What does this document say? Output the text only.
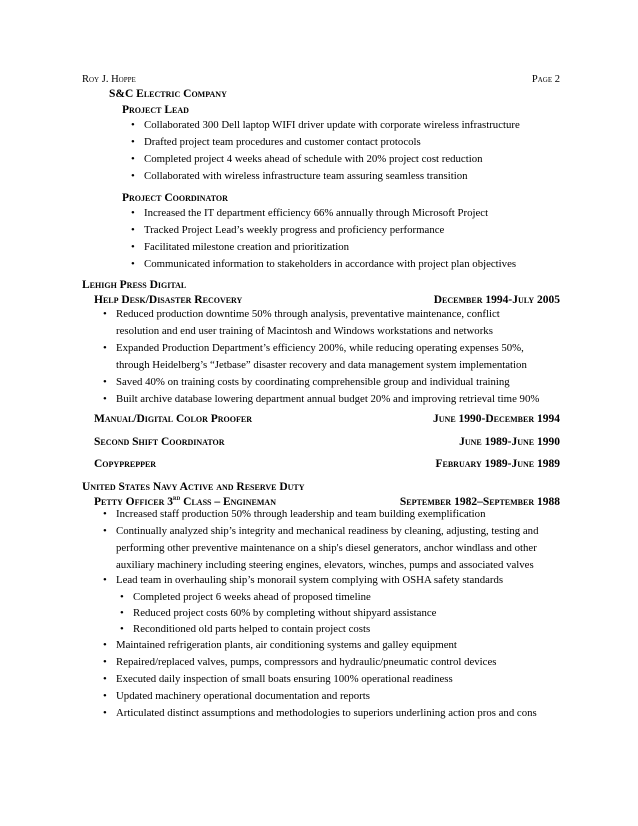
Roy J. Hoppe	Page 2
S&C Electric Company
Project Lead
• Collaborated 300 Dell laptop WIFI driver update with corporate wireless infrastructure
• Drafted project team procedures and customer contact protocols
• Completed project 4 weeks ahead of schedule with 20% project cost reduction
• Collaborated with wireless infrastructure team assuring seamless transition
Project Coordinator
• Increased the IT department efficiency 66% annually through Microsoft Project
• Tracked Project Lead’s weekly progress and proficiency performance
• Facilitated milestone creation and prioritization
• Communicated information to stakeholders in accordance with project plan objectives
Lehigh Press Digital
Help Desk/Disaster Recovery	December 1994-July 2005
• Reduced production downtime 50% through analysis, preventative maintenance, conflict
resolution and end user training of Macintosh and Windows workstations and networks
• Expanded Production Department’s efficiency 200%, while reducing operating expenses 50%,
through Heidelberg’s “Jetbase” disaster recovery and data management system implementation
• Saved 40% on training costs by coordinating comprehensible group and individual training
• Built archive database lowering department annual budget 20% and improving retrieval time 90%
Manual/Digital Color Proofer	June 1990-December 1994
Second Shift Coordinator	June 1989-June 1990
Copyprepper	February 1989-June 1989
United States Navy Active and Reserve Duty
Petty Officer 3rd Class – Engineman	September 1982–September 1988
• Increased staff production 50% through leadership and team building exemplification
• Continually analyzed ship’s integrity and mechanical readiness by cleaning, adjusting, testing and
performing other preventive maintenance on a ship's diesel generators, anchor windlass and other
auxiliary machinery including steering engines, elevators, winches, pumps and associated valves
• Lead team in overhauling ship’s monorail system complying with OSHA safety standards
• Completed project 6 weeks ahead of proposed timeline
• Reduced project costs 60% by completing without shipyard assistance
• Reconditioned old parts helped to contain project costs
• Maintained refrigeration plants, air conditioning systems and galley equipment
• Repaired/replaced valves, pumps, compressors and hydraulic/pneumatic control devices
• Executed daily inspection of small boats ensuring 100% operational readiness
• Updated machinery operational documentation and reports
• Articulated distinct assumptions and methodologies to superiors underlining action pros and cons
